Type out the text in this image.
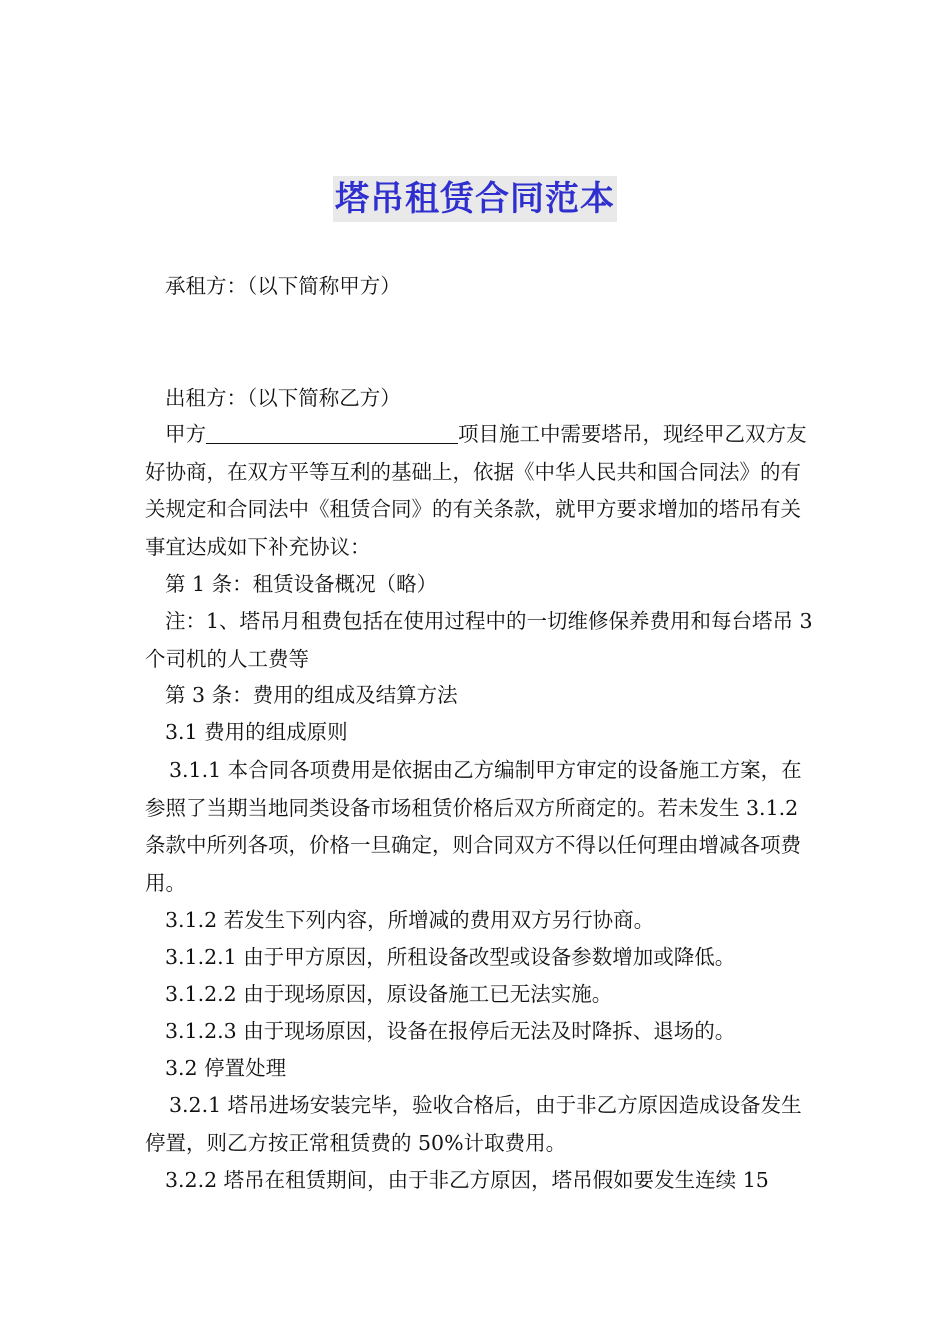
塔吊租赁合同范本

承租方：（以下简称甲方）

出租方：（以下简称乙方）

甲方	项目施工中需要塔吊，现经甲乙双方友好协商，在双方平等互利的基础上，依据《中华人民共和国合同法》的有关规定和合同法中《租赁合同》的有关条款，就甲方要求增加的塔吊有关事宜达成如下补充协议：

第 1 条：租赁设备概况（略）

注：1、塔吊月租费包括在使用过程中的一切维修保养费用和每台塔吊 3 个司机的人工费等

第 3 条：费用的组成及结算方法

3.1 费用的组成原则

3.1.1 本合同各项费用是依据由乙方编制甲方审定的设备施工方案，在参照了当期当地同类设备市场租赁价格后双方所商定的。若未发生 3.1.2 条款中所列各项，价格一旦确定，则合同双方不得以任何理由增减各项费用。

3.1.2 若发生下列内容，所增减的费用双方另行协商。

3.1.2.1 由于甲方原因，所租设备改型或设备参数增加或降低。

3.1.2.2 由于现场原因，原设备施工已无法实施。

3.1.2.3 由于现场原因，设备在报停后无法及时降拆、退场的。

3.2 停置处理

3.2.1 塔吊进场安装完毕，验收合格后，由于非乙方原因造成设备发生停置，则乙方按正常租赁费的 50%计取费用。

3.2.2 塔吊在租赁期间，由于非乙方原因，塔吊假如要发生连续 15
